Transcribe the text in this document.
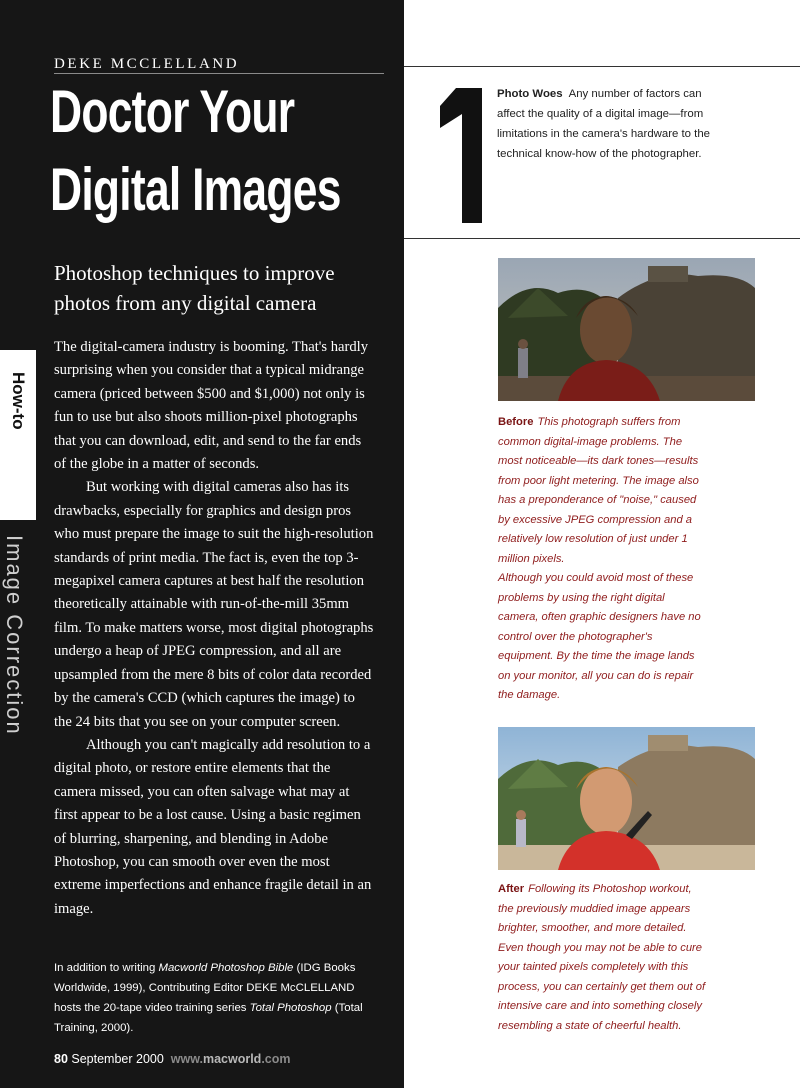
DEKE MCCLELLAND
Doctor Your
Digital Images
Photoshop techniques to improve photos from any digital camera

The digital-camera industry is booming. That's hardly surprising when you consider that a typical midrange camera (priced between $500 and $1,000) not only is fun to use but also shoots million-pixel photographs that you can download, edit, and send to the far ends of the globe in a matter of seconds.

But working with digital cameras also has its drawbacks, especially for graphics and design pros who must prepare the image to suit the high-resolution standards of print media. The fact is, even the top 3-megapixel camera captures at best half the resolution theoretically attainable with run-of-the-mill 35mm film. To make matters worse, most digital photographs undergo a heap of JPEG compression, and all are upsampled from the mere 8 bits of color data recorded by the camera's CCD (which captures the image) to the 24 bits that you see on your computer screen.

Although you can't magically add resolution to a digital photo, or restore entire elements that the camera missed, you can often salvage what may at first appear to be a lost cause. Using a basic regimen of blurring, sharpening, and blending in Adobe Photoshop, you can smooth over even the most extreme imperfections and enhance fragile detail in an image.

In addition to writing Macworld Photoshop Bible (IDG Books Worldwide, 1999), Contributing Editor DEKE McCLELLAND hosts the 20-tape video training series Total Photoshop (Total Training, 2000).
80 September 2000 www.macworld.com
How-to
Image Correction
Photo Woes Any number of factors can affect the quality of a digital image—from limitations in the camera's hardware to the technical know-how of the photographer.
Before This photograph suffers from common digital-image problems. The most noticeable—its dark tones—results from poor light metering. The image also has a preponderance of "noise," caused by excessive JPEG compression and a relatively low resolution of just under 1 million pixels.
Although you could avoid most of these problems by using the right digital camera, often graphic designers have no control over the photographer's equipment. By the time the image lands on your monitor, all you can do is repair the damage.
After Following its Photoshop workout, the previously muddied image appears brighter, smoother, and more detailed. Even though you may not be able to cure your tainted pixels completely with this process, you can certainly get them out of intensive care and into something closely resembling a state of cheerful health.
